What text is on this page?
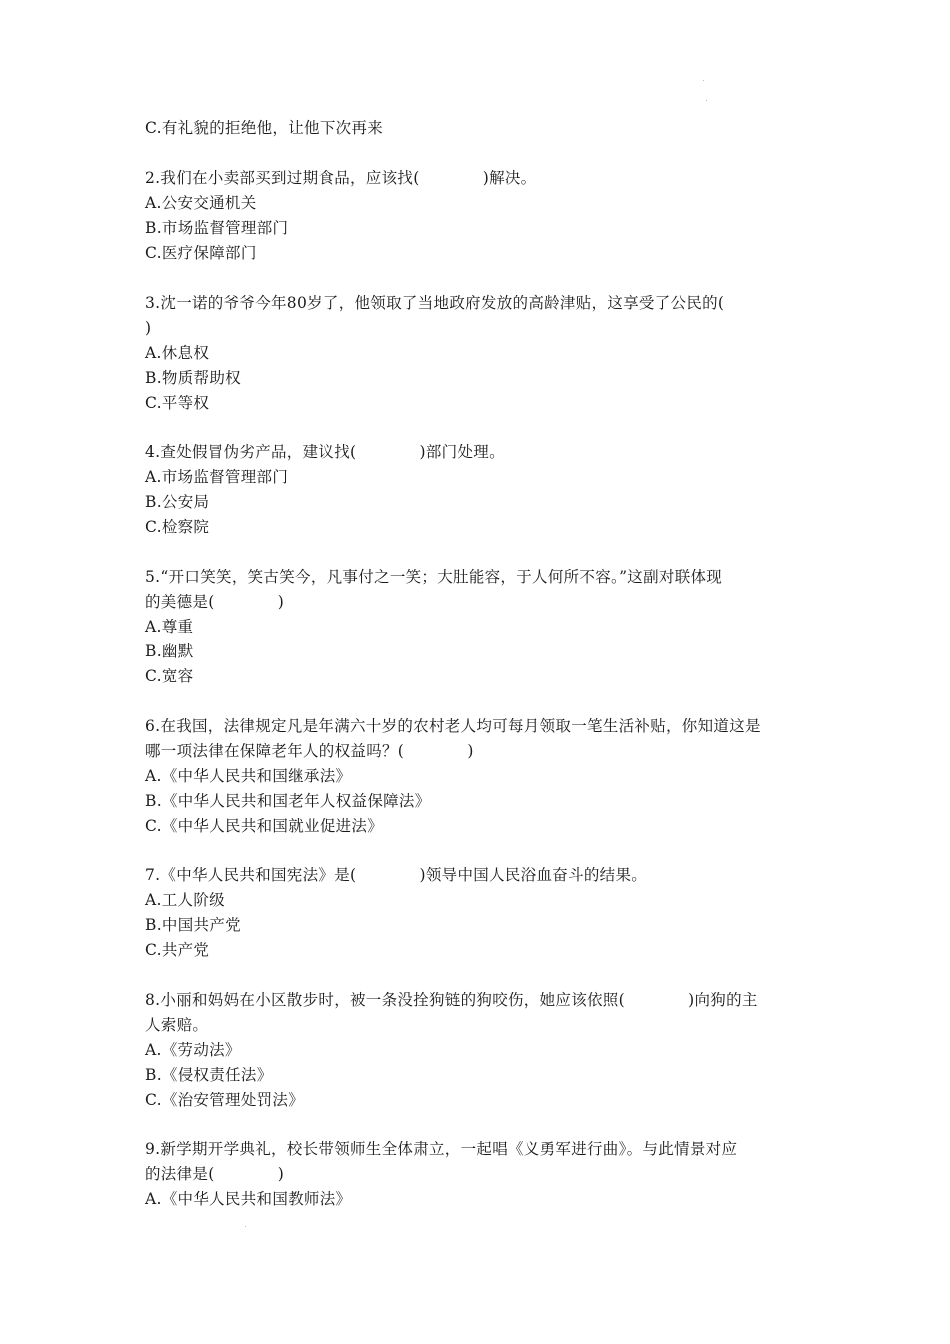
C.有礼貌的拒绝他，让他下次再来
2.我们在小卖部买到过期食品，应该找(　　　　)解决。
A.公安交通机关
B.市场监督管理部门
C.医疗保障部门
3.沈一诺的爷爷今年80岁了，他领取了当地政府发放的高龄津贴，这享受了公民的(
)
A.休息权
B.物质帮助权
C.平等权
4.查处假冒伪劣产品，建议找(　　　　)部门处理。
A.市场监督管理部门
B.公安局
C.检察院
5.“开口笑笑，笑古笑今，凡事付之一笑；大肚能容，于人何所不容。”这副对联体现
的美德是(　　　　)
A.尊重
B.幽默
C.宽容
6.在我国，法律规定凡是年满六十岁的农村老人均可每月领取一笔生活补贴，你知道这是
哪一项法律在保障老年人的权益吗？(　　　　)
A.《中华人民共和国继承法》
B.《中华人民共和国老年人权益保障法》
C.《中华人民共和国就业促进法》
7.《中华人民共和国宪法》是(　　　　)领导中国人民浴血奋斗的结果。
A.工人阶级
B.中国共产党
C.共产党
8.小丽和妈妈在小区散步时，被一条没拴狗链的狗咬伤，她应该依照(　　　　)向狗的主
人索赔。
A.《劳动法》
B.《侵权责任法》
C.《治安管理处罚法》
9.新学期开学典礼，校长带领师生全体肃立，一起唱《义勇军进行曲》。与此情景对应
的法律是(　　　　)
A.《中华人民共和国教师法》
